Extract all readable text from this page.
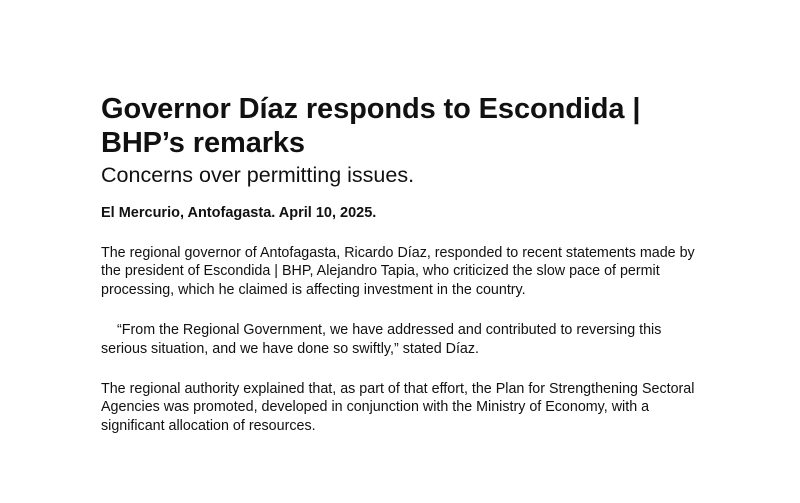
Governor Díaz responds to Escondida | BHP’s remarks
Concerns over permitting issues.

El Mercurio, Antofagasta. April 10, 2025.

The regional governor of Antofagasta, Ricardo Díaz, responded to recent statements made by the president of Escondida | BHP, Alejandro Tapia, who criticized the slow pace of permit processing, which he claimed is affecting investment in the country.

“From the Regional Government, we have addressed and contributed to reversing this serious situation, and we have done so swiftly,” stated Díaz.

The regional authority explained that, as part of that effort, the Plan for Strengthening Sectoral Agencies was promoted, developed in conjunction with the Ministry of Economy, with a significant allocation of resources.
